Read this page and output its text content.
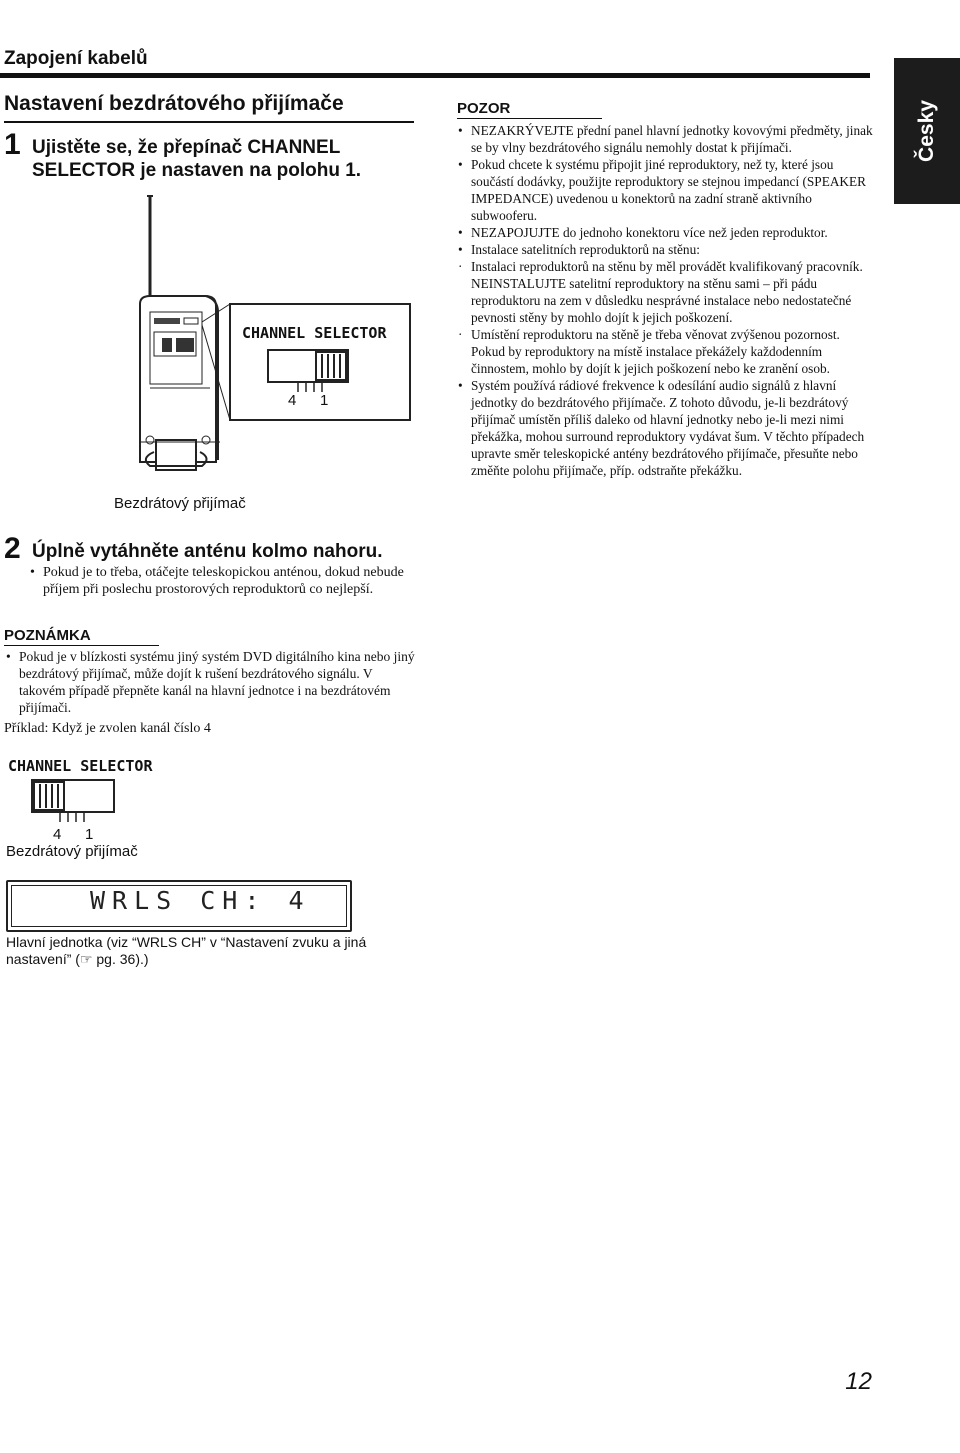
Zapojení kabelů
Nastavení bezdrátového přijímače	Česky
1 Ujistěte se, že přepínač CHANNEL SELECTOR je nastaven na polohu 1.
CHANNEL SELECTOR
4 1
Bezdrátový přijímač
2 Úplně vytáhněte anténu kolmo nahoru.
• Pokud je to třeba, otáčejte teleskopickou anténou, dokud nebude příjem při poslechu prostorových reproduktorů co nejlepší.
POZNÁMKA
• Pokud je v blízkosti systému jiný systém DVD digitálního kina nebo jiný bezdrátový přijímač, může dojít k rušení bezdrátového signálu. V takovém případě přepněte kanál na hlavní jednotce i na bezdrátovém přijímači.
Příklad: Když je zvolen kanál číslo 4
CHANNEL SELECTOR
4 1
Bezdrátový přijímač
WRLS CH: 4
Hlavní jednotka (viz “WRLS CH” v “Nastavení zvuku a jiná nastavení” (☞ pg. 36).)
POZOR
• NEZAKRÝVEJTE přední panel hlavní jednotky kovovými předměty, jinak se by vlny bezdrátového signálu nemohly dostat k přijímači.
• Pokud chcete k systému připojit jiné reproduktory, než ty, které jsou součástí dodávky, použijte reproduktory se stejnou impedancí (SPEAKER IMPEDANCE) uvedenou u konektorů na zadní straně aktivního subwooferu.
• NEZAPOJUJTE do jednoho konektoru více než jeden reproduktor.
• Instalace satelitních reproduktorů na stěnu:
· Instalaci reproduktorů na stěnu by měl provádět kvalifikovaný pracovník. NEINSTALUJTE satelitní reproduktory na stěnu sami – při pádu reproduktoru na zem v důsledku nesprávné instalace nebo nedostatečné pevnosti stěny by mohlo dojít k jejich poškození.
· Umístění reproduktoru na stěně je třeba věnovat zvýšenou pozornost. Pokud by reproduktory na místě instalace překážely každodenním činnostem, mohlo by dojít k jejich poškození nebo ke zranění osob.
• Systém používá rádiové frekvence k odesílání audio signálů z hlavní jednotky do bezdrátového přijímače. Z tohoto důvodu, je-li bezdrátový přijímač umístěn příliš daleko od hlavní jednotky nebo je-li mezi nimi překážka, mohou surround reproduktory vydávat šum. V těchto případech upravte směr teleskopické antény bezdrátového přijímače, přesuňte nebo změňte polohu přijímače, příp. odstraňte překážku.
12
